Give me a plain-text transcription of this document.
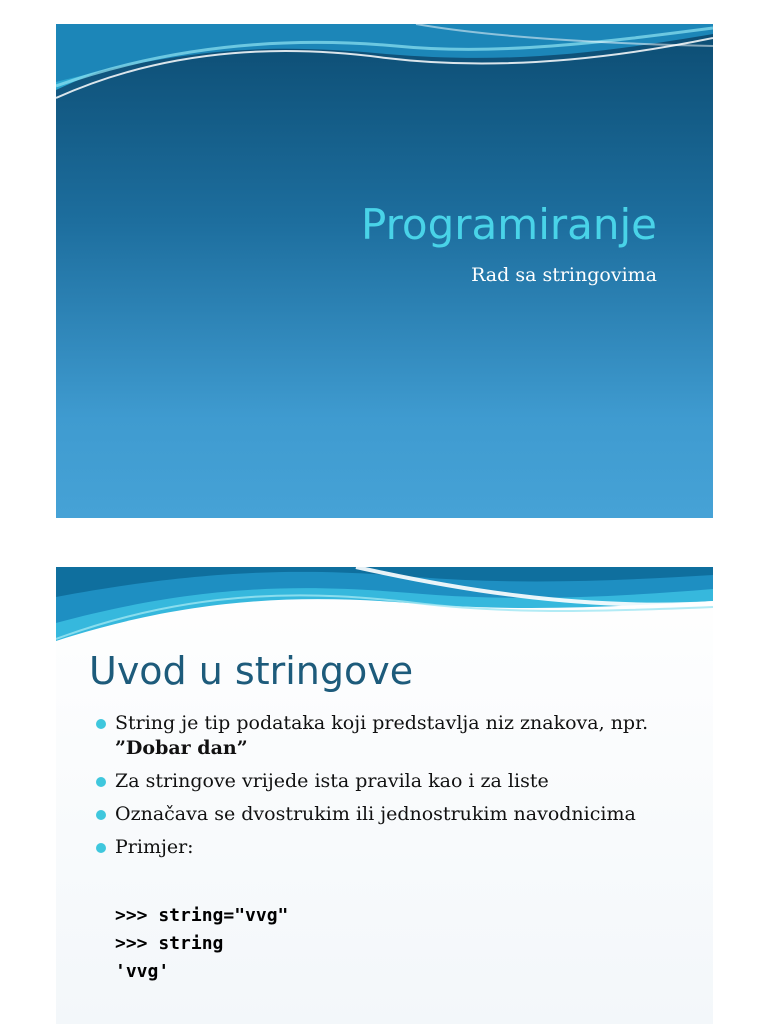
Programiranje

Rad sa stringovima

Uvod u stringove
String je tip podataka koji predstavlja niz znakova, npr.
”Dobar dan”
Za stringove vrijede ista pravila kao i za liste
Označava se dvostrukim ili jednostrukim navodnicima
Primjer:
>>> string="vvg"
>>> string
'vvg'
